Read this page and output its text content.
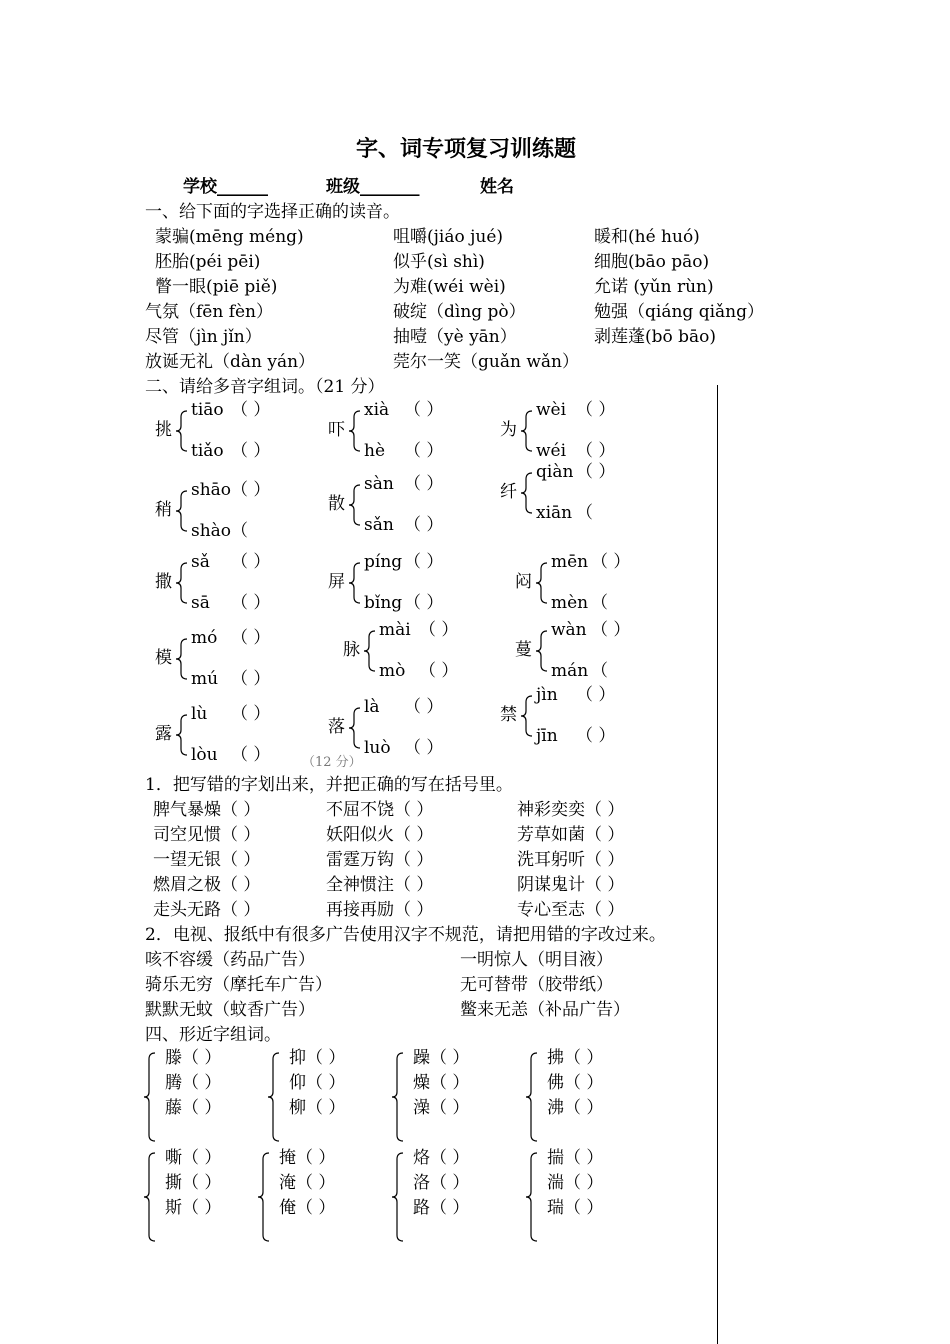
字、词专项复习训练题
学校______	班级_______	姓名
一、给下面的字选择正确的读音。
蒙骗(mēng méng)	咀嚼(jiáo jué)	暖和(hé huó)
胚胎(péi pēi)	似乎(sì shì)	细胞(bāo pāo)
瞥一眼(piē piě)	为难(wéi wèi)	允诺 (yǔn rùn)
气氛（fēn fèn）	破绽（dìng pò）	勉强（qiáng qiǎng）
尽管（jìn jǐn）	抽噎（yè yān）	剥莲蓬(bō bāo)
放诞无礼（dàn yán）	莞尔一笑（guǎn wǎn）
二、请给多音字组词。（21 分）
挑
tiāo （ ）
tiǎo （ ）
吓
xià （ ）
hè （ ）
为
wèi （ ）
wéi （ ）
稍
shāo （ ）
shào （
散
sàn （ ）
sǎn （ ）
纤
qiàn （ ）
xiān （
撒
sǎ （ ）
sā （ ）
屏
píng （ ）
bǐng （ ）
闷
mēn （ ）
mèn （
模
mó （ ）
mú （ ）
脉
mài （ ）
mò （ ）
蔓
wàn （ ）
mán （
露
lù （ ）
lòu （ ）
落
là （ ）
luò （ ）
禁
jìn （ ）
jīn （ ）
（12 分）
1．把写错的字划出来，并把正确的写在括号里。
脾气暴燥（ ）	不屈不饶（ ）	神彩奕奕（ ）
司空见惯（ ）	妖阳似火（ ）	芳草如菌（ ）
一望无银（ ）	雷霆万钩（ ）	洗耳躬听（ ）
燃眉之极（ ）	全神惯注（ ）	阴谋鬼计（ ）
走头无路（ ）	再接再励（ ）	专心至志（ ）
2．电视、报纸中有很多广告使用汉字不规范，请把用错的字改过来。
咳不容缓（药品广告）	一明惊人（明目液）
骑乐无穷（摩托车广告）	无可替带（胶带纸）
默默无蚊（蚊香广告）	鳖来无恙（补品广告）
四、形近字组词。
滕（ ）
腾（ ）
藤（ ）
抑（ ）
仰（ ）
柳（ ）
躁（ ）
燥（ ）
澡（ ）
拂（ ）
佛（ ）
沸（ ）
嘶（ ）
撕（ ）
斯（ ）
掩（ ）
淹（ ）
俺（ ）
烙（ ）
洛（ ）
路（ ）
揣（ ）
湍（ ）
瑞（ ）
